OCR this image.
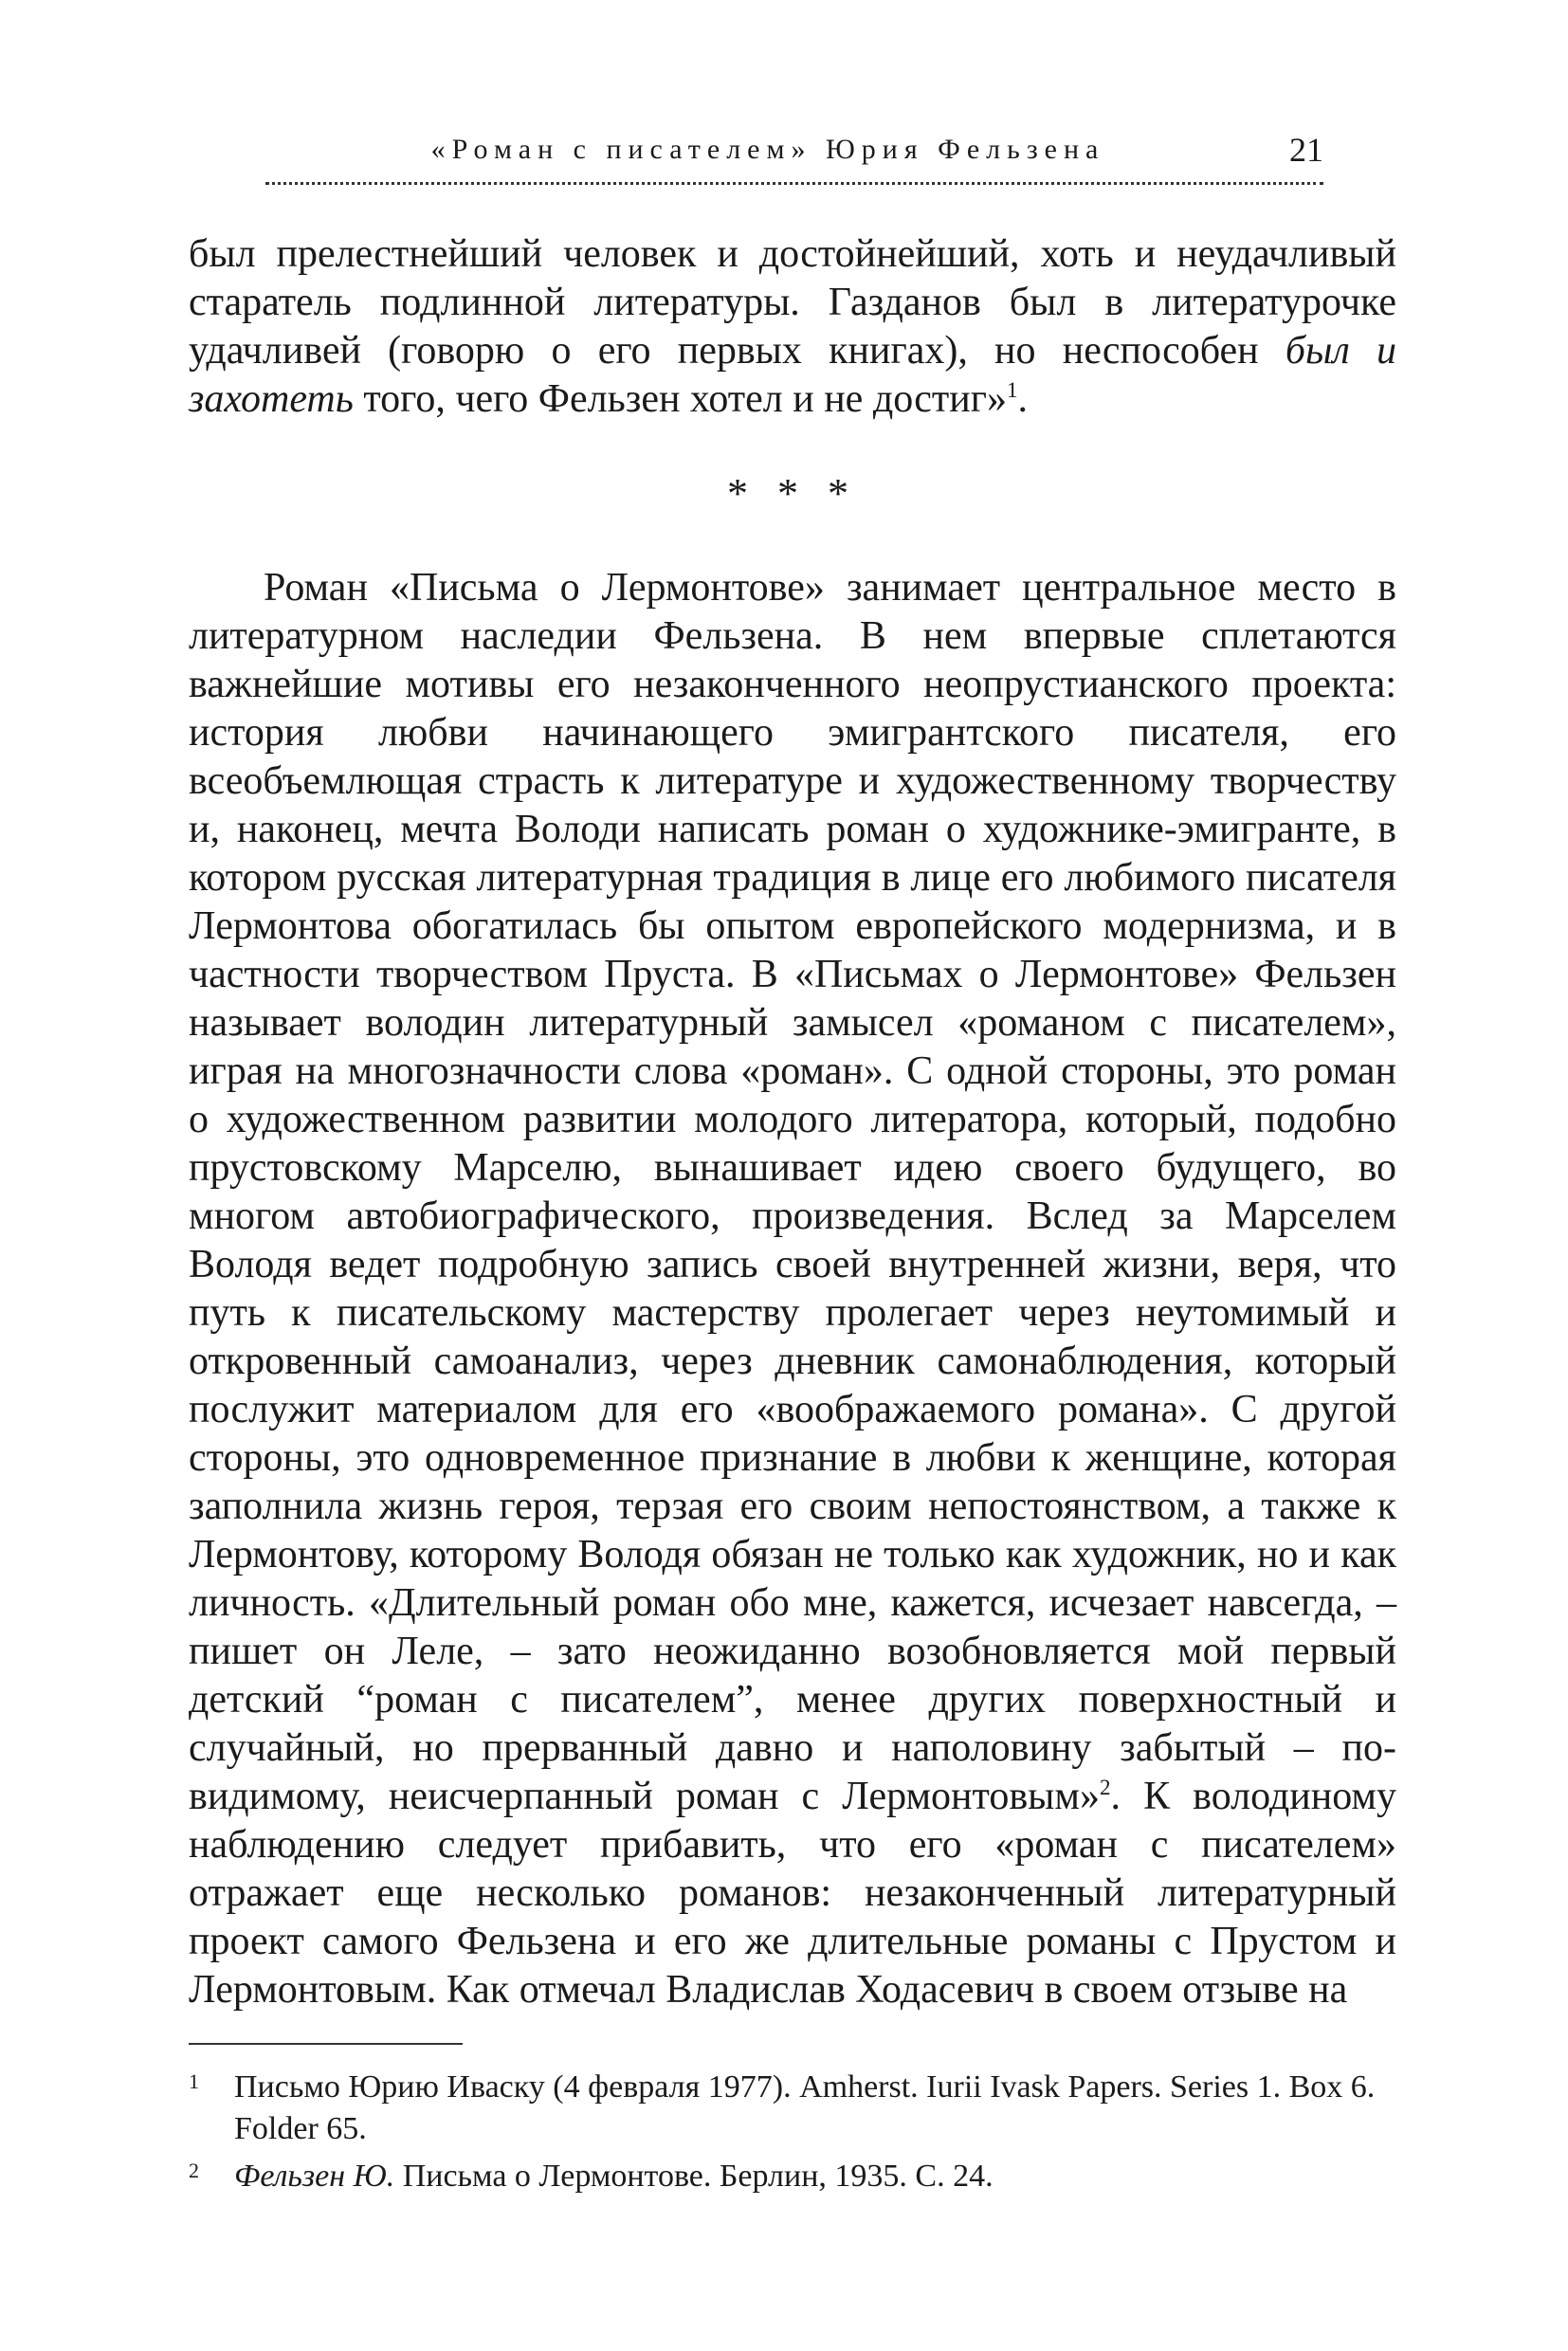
«Роман с писателем» Юрия Фельзена	21

был прелестнейший человек и достойнейший, хоть и неудачливый старатель подлинной литературы. Газданов был в литературочке удачливей (говорю о его первых книгах), но неспособен был и захотеть того, чего Фельзен хотел и не достиг»$^1$.

* * *

Роман «Письма о Лермонтове» занимает центральное место в литературном наследии Фельзена. В нем впервые сплетаются важнейшие мотивы его незаконченного неопрустианского проекта: история любви начинающего эмигрантского писателя, его всеобъемлющая страсть к литературе и художественному творчеству и, наконец, мечта Володи написать роман о художнике-эмигранте, в котором русская литературная традиция в лице его любимого писателя Лермонтова обогатилась бы опытом европейского модернизма, и в частности творчеством Пруста. В «Письмах о Лермонтове» Фельзен называет володин литературный замысел «романом с писателем», играя на многозначности слова «роман». С одной стороны, это роман о художественном развитии молодого литератора, который, подобно прустовскому Марселю, вынашивает идею своего будущего, во многом автобиографического, произведения. Вслед за Марселем Володя ведет подробную запись своей внутренней жизни, веря, что путь к писательскому мастерству пролегает через неутомимый и откровенный самоанализ, через дневник самонаблюдения, который послужит материалом для его «воображаемого романа». С другой стороны, это одновременное признание в любви к женщине, которая заполнила жизнь героя, терзая его своим непостоянством, а также к Лермонтову, которому Володя обязан не только как художник, но и как личность. «Длительный роман обо мне, кажется, исчезает навсегда, – пишет он Леле, – зато неожиданно возобновляется мой первый детский “роман с писателем”, менее других поверхностный и случайный, но прерванный давно и наполовину забытый – по-видимому, неисчерпанный роман с Лермонтовым»$^2$. К володиному наблюдению следует прибавить, что его «роман с писателем» отражает еще несколько романов: незаконченный литературный проект самого Фельзена и его же длительные романы с Прустом и Лермонтовым. Как отмечал Владислав Ходасевич в своем отзыве на

1 Письмо Юрию Иваску (4 февраля 1977). Amherst. Iurii Ivask Papers. Series 1. Box 6. Folder 65.
2 Фельзен Ю. Письма о Лермонтове. Берлин, 1935. С. 24.
